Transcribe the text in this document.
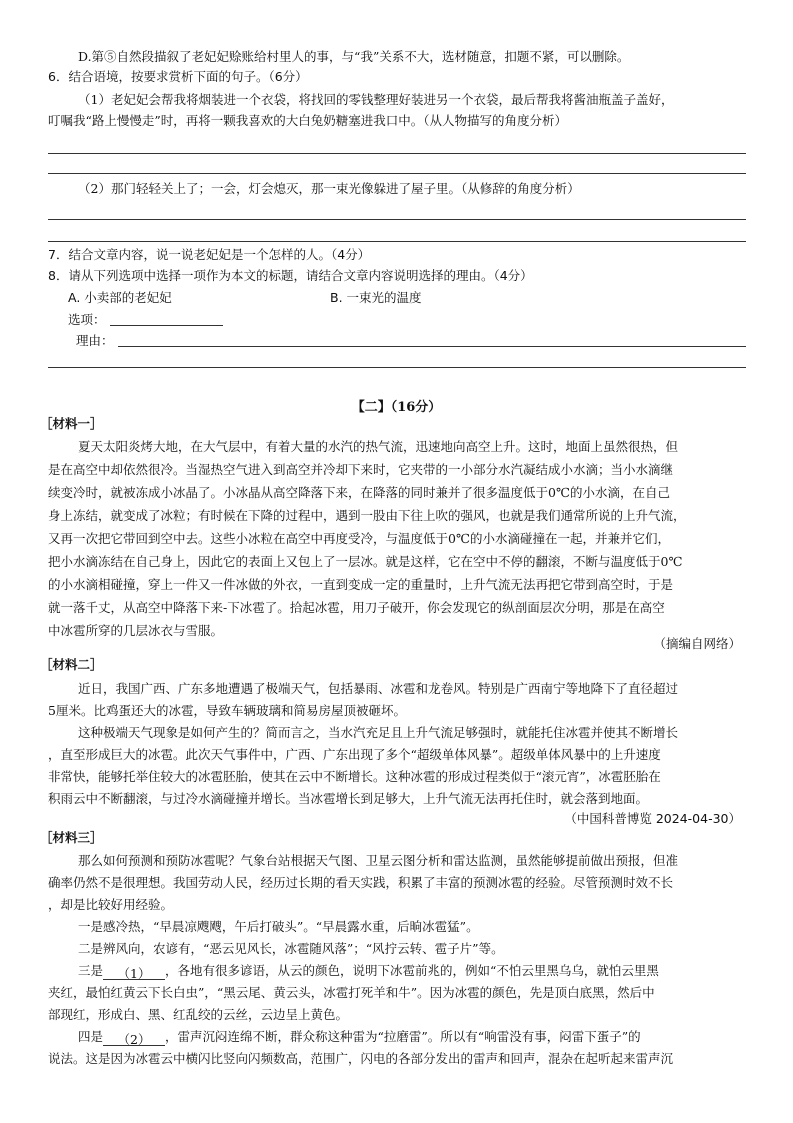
D.第⑤自然段描叙了老妃妃赊账给村里人的事，与“我”关系不大，选材随意，扣题不紧，可以删除。
6．结合语境，按要求赏析下面的句子。（6分）
（1）老妃妃会帮我将烟装进一个衣袋，将找回的零钱整理好装进另一个衣袋，最后帮我将酱油瓶盖子盖好，
叮嘱我“路上慢慢走”时，再将一颗我喜欢的大白兔奶糖塞进我口中。（从人物描写的角度分析）
（2）那门轻轻关上了；一会，灯会熄灭，那一束光像躲进了屋子里。（从修辞的角度分析）
7．结合文章内容，说一说老妃妃是一个怎样的人。（4分）
8．请从下列选项中选择一项作为本文的标题，请结合文章内容说明选择的理由。（4分）
A. 小卖部的老妃妃	B. 一束光的温度
选项：
理由：
【二】（16分）
［材料一］
夏天太阳炎烤大地，在大气层中，有着大量的水汽的热气流，迅速地向高空上升。这时，地面上虽然很热，但
是在高空中却依然很冷。当湿热空气进入到高空并冷却下来时，它夹带的一小部分水汽凝结成小水滴；当小水滴继
续变冷时，就被冻成小冰晶了。小冰晶从高空降落下来，在降落的同时兼并了很多温度低于0℃的小水滴，在自己
身上冻结，就变成了冰粒；有时候在下降的过程中，遇到一股由下往上吹的强风，也就是我们通常所说的上升气流，
又再一次把它带回到空中去。这些小冰粒在高空中再度受冷，与温度低于0℃的小水滴碰撞在一起，并兼并它们，
把小水滴冻结在自己身上，因此它的表面上又包上了一层冰。就是这样，它在空中不停的翻滚，不断与温度低于0℃
的小水滴相碰撞，穿上一件又一件冰做的外衣，一直到变成一定的重量时，上升气流无法再把它带到高空时，于是
就一落千丈，从高空中降落下来-下冰雹了。拾起冰雹，用刀子破开，你会发现它的纵剖面层次分明，那是在高空
中冰雹所穿的几层冰衣与雪服。
（摘编自网络）
［材料二］
近日，我国广西、广东多地遭遇了极端天气，包括暴雨、冰雹和龙卷风。特别是广西南宁等地降下了直径超过
5厘米。比鸡蛋还大的冰雹，导致车辆玻璃和简易房屋顶被砸坏。
这种极端天气现象是如何产生的？简而言之，当水汽充足且上升气流足够强时，就能托住冰雹并使其不断增长
，直至形成巨大的冰雹。此次天气事件中，广西、广东出现了多个“超级单体风暴”。超级单体风暴中的上升速度
非常快，能够托举住较大的冰雹胚胎，使其在云中不断增长。这种冰雹的形成过程类似于“滚元宵”，冰雹胚胎在
积雨云中不断翻滚，与过冷水滴碰撞并增长。当冰雹增长到足够大，上升气流无法再托住时，就会落到地面。
（中国科普博览 2024-04-30）
［材料三］
那么如何预测和预防冰雹呢？气象台站根据天气图、卫星云图分析和雷达监测，虽然能够提前做出预报，但准
确率仍然不是很理想。我国劳动人民，经历过长期的看天实践，积累了丰富的预测冰雹的经验。尽管预测时效不长
，却是比较好用经验。
一是感冷热，“早晨凉飕飕，午后打破头”。“早晨露水重，后晌冰雹猛”。
二是辨风向，农谚有，“恶云见风长，冰雹随风落”；“风拧云转、雹子片”等。
三是 （1） ，各地有很多谚语，从云的颜色，说明下冰雹前兆的，例如“不怕云里黑乌乌，就怕云里黑
夹红，最怕红黄云下长白虫”，“黑云尾、黄云头，冰雹打死羊和牛”。因为冰雹的颜色，先是顶白底黑，然后中
部现红，形成白、黑、红乱绞的云丝，云边呈上黄色。
四是 （2） ，雷声沉闷连绵不断，群众称这种雷为“拉磨雷”。所以有“响雷没有事，闷雷下蛋子”的
说法。这是因为冰雹云中横闪比竖向闪频数高，范围广，闪电的各部分发出的雷声和回声，混杂在起听起来雷声沉
